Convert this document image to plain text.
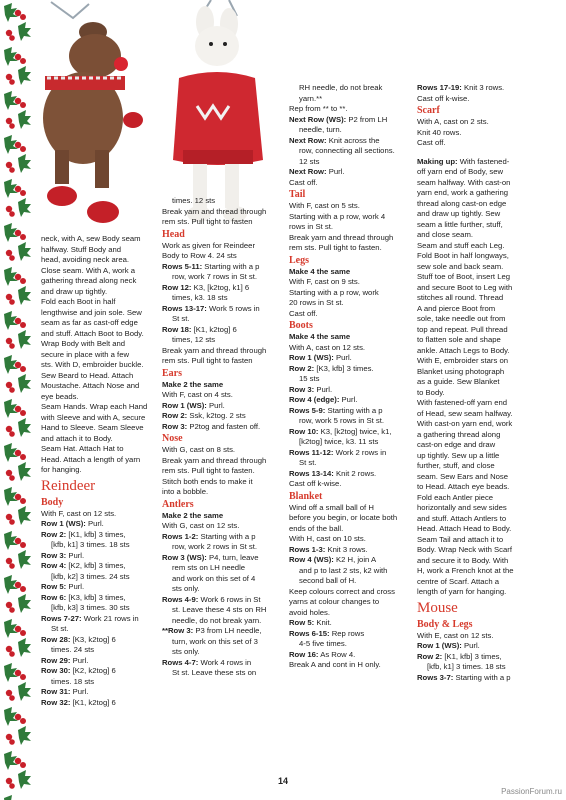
neck, with A, sew Body seam

halfway. Stuff Body and

head, avoiding neck area.

Close seam. With A, work a

gathering thread along neck

and draw up tightly.

Fold each Boot in half

lengthwise and join sole. Sew

seam as far as cast-off edge

and stuff. Attach Boot to Body.

Wrap Body with Belt and

secure in place with a few

sts. With D, embroider buckle.

Sew Beard to Head. Attach

Moustache. Attach Nose and

eye beads.

Seam Hands. Wrap each Hand

with Sleeve and with A, secure

Hand to Sleeve. Seam Sleeve

and attach it to Body.

Seam Hat. Attach Hat to

Head. Attach a length of yarn

for hanging.

Reindeer

Body

With F, cast on 12 sts.

Row 1 (WS): Purl.

Row 2: [K1, kfb] 3 times,

[kfb, k1] 3 times. 18 sts

Row 3: Purl.

Row 4: [K2, kfb] 3 times,

[kfb, k2] 3 times. 24 sts

Row 5: Purl.

Row 6: [K3, kfb] 3 times,

[kfb, k3] 3 times. 30 sts

Rows 7-27: Work 21 rows in

St st.

Row 28: [K3, k2tog] 6

times. 24 sts

Row 29: Purl.

Row 30: [K2, k2tog] 6

times. 18 sts

Row 31: Purl.

Row 32: [K1, k2tog] 6

times. 12 sts

Break yarn and thread through

rem sts. Pull tight to fasten

Head

Work as given for Reindeer

Body to Row 4. 24 sts

Rows 5-11: Starting with a p

row, work 7 rows in St st.

Row 12: K3, [k2tog, k1] 6

times, k3. 18 sts

Rows 13-17: Work 5 rows in

St st.

Row 18: [K1, k2tog] 6

times, 12 sts

Break yarn and thread through

rem sts. Pull tight to fasten

Ears

Make 2 the same

With F, cast on 4 sts.

Row 1 (WS): Purl.

Row 2: Ssk, k2tog. 2 sts

Row 3: P2tog and fasten off.

Nose

With G, cast on 8 sts.

Break yarn and thread through

rem sts. Pull tight to fasten.

Stitch both ends to make it

into a bobble.

Antlers

Make 2 the same

With G, cast on 12 sts.

Rows 1-2: Starting with a p

row, work 2 rows in St st.

Row 3 (WS): P4, turn, leave

rem sts on LH needle

and work on this set of 4

sts only.

Rows 4-9: Work 6 rows in St

st. Leave these 4 sts on RH

needle, do not break yarn.

**Row 3: P3 from LH needle,

turn, work on this set of 3

sts only.

Rows 4-7: Work 4 rows in

St st. Leave these sts on

RH needle, do not break

yarn.**

Rep from ** to **.

Next Row (WS): P2 from LH

needle, turn.

Next Row: Knit across the

row, connecting all sections.

12 sts

Next Row: Purl.

Cast off.

Tail

With F, cast on 5 sts.

Starting with a p row, work 4

rows in St st.

Break yarn and thread through

rem sts. Pull tight to fasten.

Legs

Make 4 the same

With F, cast on 9 sts.

Starting with a p row, work

20 rows in St st.

Cast off.

Boots

Make 4 the same

With A, cast on 12 sts.

Row 1 (WS): Purl.

Row 2: [K3, kfb] 3 times.

15 sts

Row 3: Purl.

Row 4 (edge): Purl.

Rows 5-9: Starting with a p

row, work 5 rows in St st.

Row 10: K3, [k2tog] twice, k1,

[k2tog] twice, k3. 11 sts

Rows 11-12: Work 2 rows in

St st.

Rows 13-14: Knit 2 rows.

Cast off k-wise.

Blanket

Wind off a small ball of H

before you begin, or locate both

ends of the ball.

With H, cast on 10 sts.

Rows 1-3: Knit 3 rows.

Row 4 (WS): K2 H, join A

and p to last 2 sts, k2 with

second ball of H.

Keep colours correct and cross

yarns at colour changes to

avoid holes.

Row 5: Knit.

Rows 6-15: Rep rows

4-5 five times.

Row 16: As Row 4.

Break A and cont in H only.

Rows 17-19: Knit 3 rows.

Cast off k-wise.

Scarf

With A, cast on 2 sts.

Knit 40 rows.

Cast off.

Making up: With fastened-

off yarn end of Body, sew

seam halfway. With cast-on

yarn end, work a gathering

thread along cast-on edge

and draw up tightly. Sew

seam a little further, stuff,

and close seam.

Seam and stuff each Leg.

Fold Boot in half longways,

sew sole and back seam.

Stuff toe of Boot, insert Leg

and secure Boot to Leg with

stitches all round. Thread

A and pierce Boot from

sole, take needle out from

top and repeat. Pull thread

to flatten sole and shape

ankle. Attach Legs to Body.

With E, embroider stars on

Blanket using photograph

as a guide. Sew Blanket

to Body.

With fastened-off yarn end

of Head, sew seam halfway.

With cast-on yarn end, work

a gathering thread along

cast-on edge and draw

up tightly. Sew up a little

further, stuff, and close

seam. Sew Ears and Nose

to Head. Attach eye beads.

Fold each Antler piece

horizontally and sew sides

and stuff. Attach Antlers to

Head. Attach Head to Body.

Seam Tail and attach it to

Body. Wrap Neck with Scarf

and secure it to Body. With

H, work a French knot at the

centre of Scarf. Attach a

length of yarn for hanging.

Mouse

Body & Legs

With E, cast on 12 sts.

Row 1 (WS): Purl.

Row 2: [K1, kfb] 3 times,

[kfb, k1] 3 times. 18 sts

Rows 3-7: Starting with a p

14
PassionForum.ru
